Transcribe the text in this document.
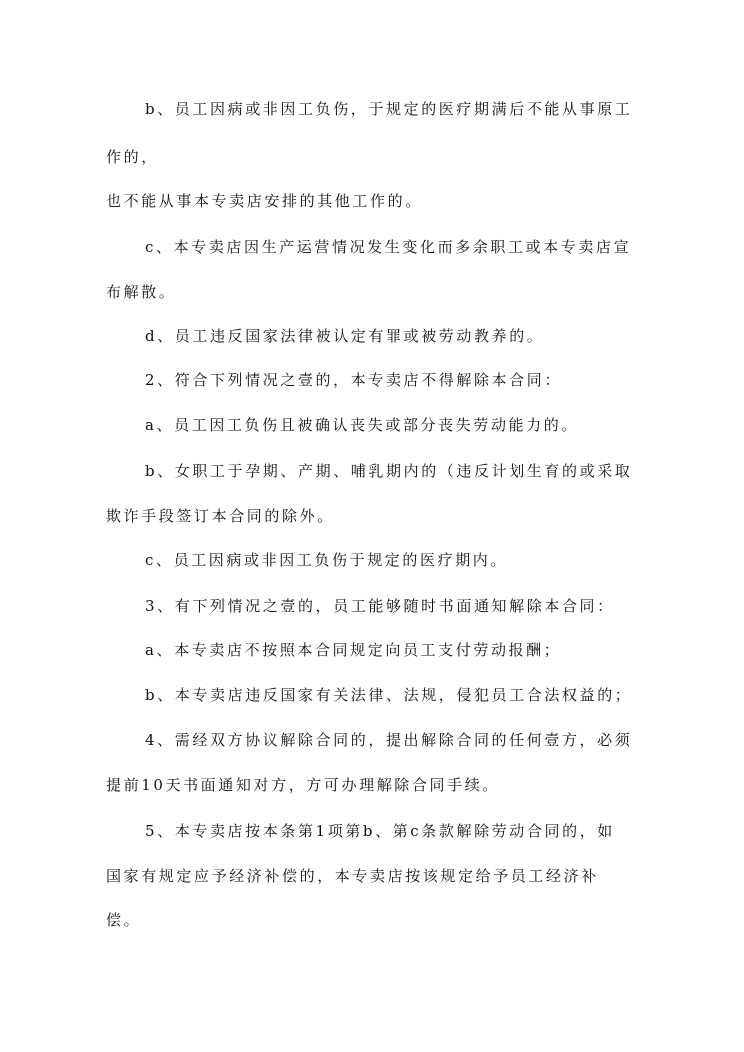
b、员工因病或非因工负伤，于规定的医疗期满后不能从事原工
作的，
也不能从事本专卖店安排的其他工作的。
c、本专卖店因生产运营情况发生变化而多余职工或本专卖店宣
布解散。
d、员工违反国家法律被认定有罪或被劳动教养的。
2、符合下列情况之壹的，本专卖店不得解除本合同：
a、员工因工负伤且被确认丧失或部分丧失劳动能力的。
b、女职工于孕期、产期、哺乳期内的（违反计划生育的或采取
欺诈手段签订本合同的除外。
c、员工因病或非因工负伤于规定的医疗期内。
3、有下列情况之壹的，员工能够随时书面通知解除本合同：
a、本专卖店不按照本合同规定向员工支付劳动报酬；
b、本专卖店违反国家有关法律、法规，侵犯员工合法权益的；
4、需经双方协议解除合同的，提出解除合同的任何壹方，必须
提前10天书面通知对方，方可办理解除合同手续。
5、本专卖店按本条第1项第b、第c条款解除劳动合同的，如
国家有规定应予经济补偿的，本专卖店按该规定给予员工经济补
偿。
